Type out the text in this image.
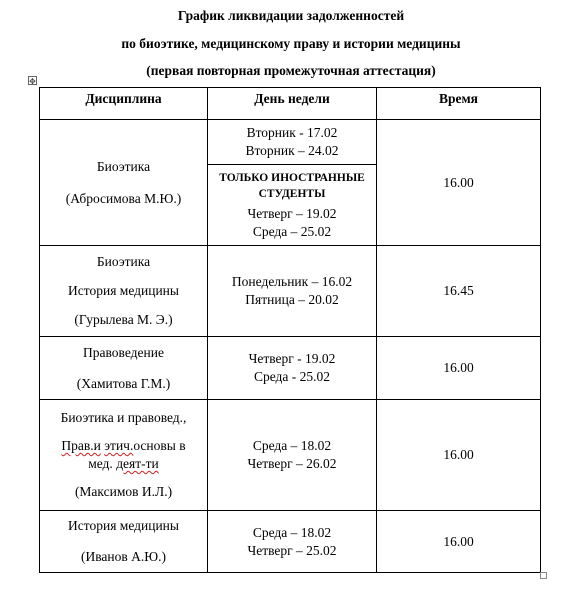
График ликвидации задолженностей
по биоэтике, медицинскому праву и истории медицины
(первая повторная промежуточная аттестация)
✥
Дисциплина	День недели	Время
Биоэтика
(Абросимова М.Ю.)
Вторник - 17.02
Вторник – 24.02
ТОЛЬКО ИНОСТРАННЫЕ
СТУДЕНТЫ
Четверг – 19.02
Среда – 25.02
16.00
Биоэтика
История медицины
(Гурылева М. Э.)
Понедельник – 16.02
Пятница – 20.02
16.45
Правоведение
(Хамитова Г.М.)
Четверг - 19.02
Среда - 25.02
16.00
Биоэтика и правовед.,
Прав.и этич.основы в
мед. деят-ти
(Максимов И.Л.)
Среда – 18.02
Четверг – 26.02
16.00
История медицины
(Иванов А.Ю.)
Среда – 18.02
Четверг – 25.02
16.00
